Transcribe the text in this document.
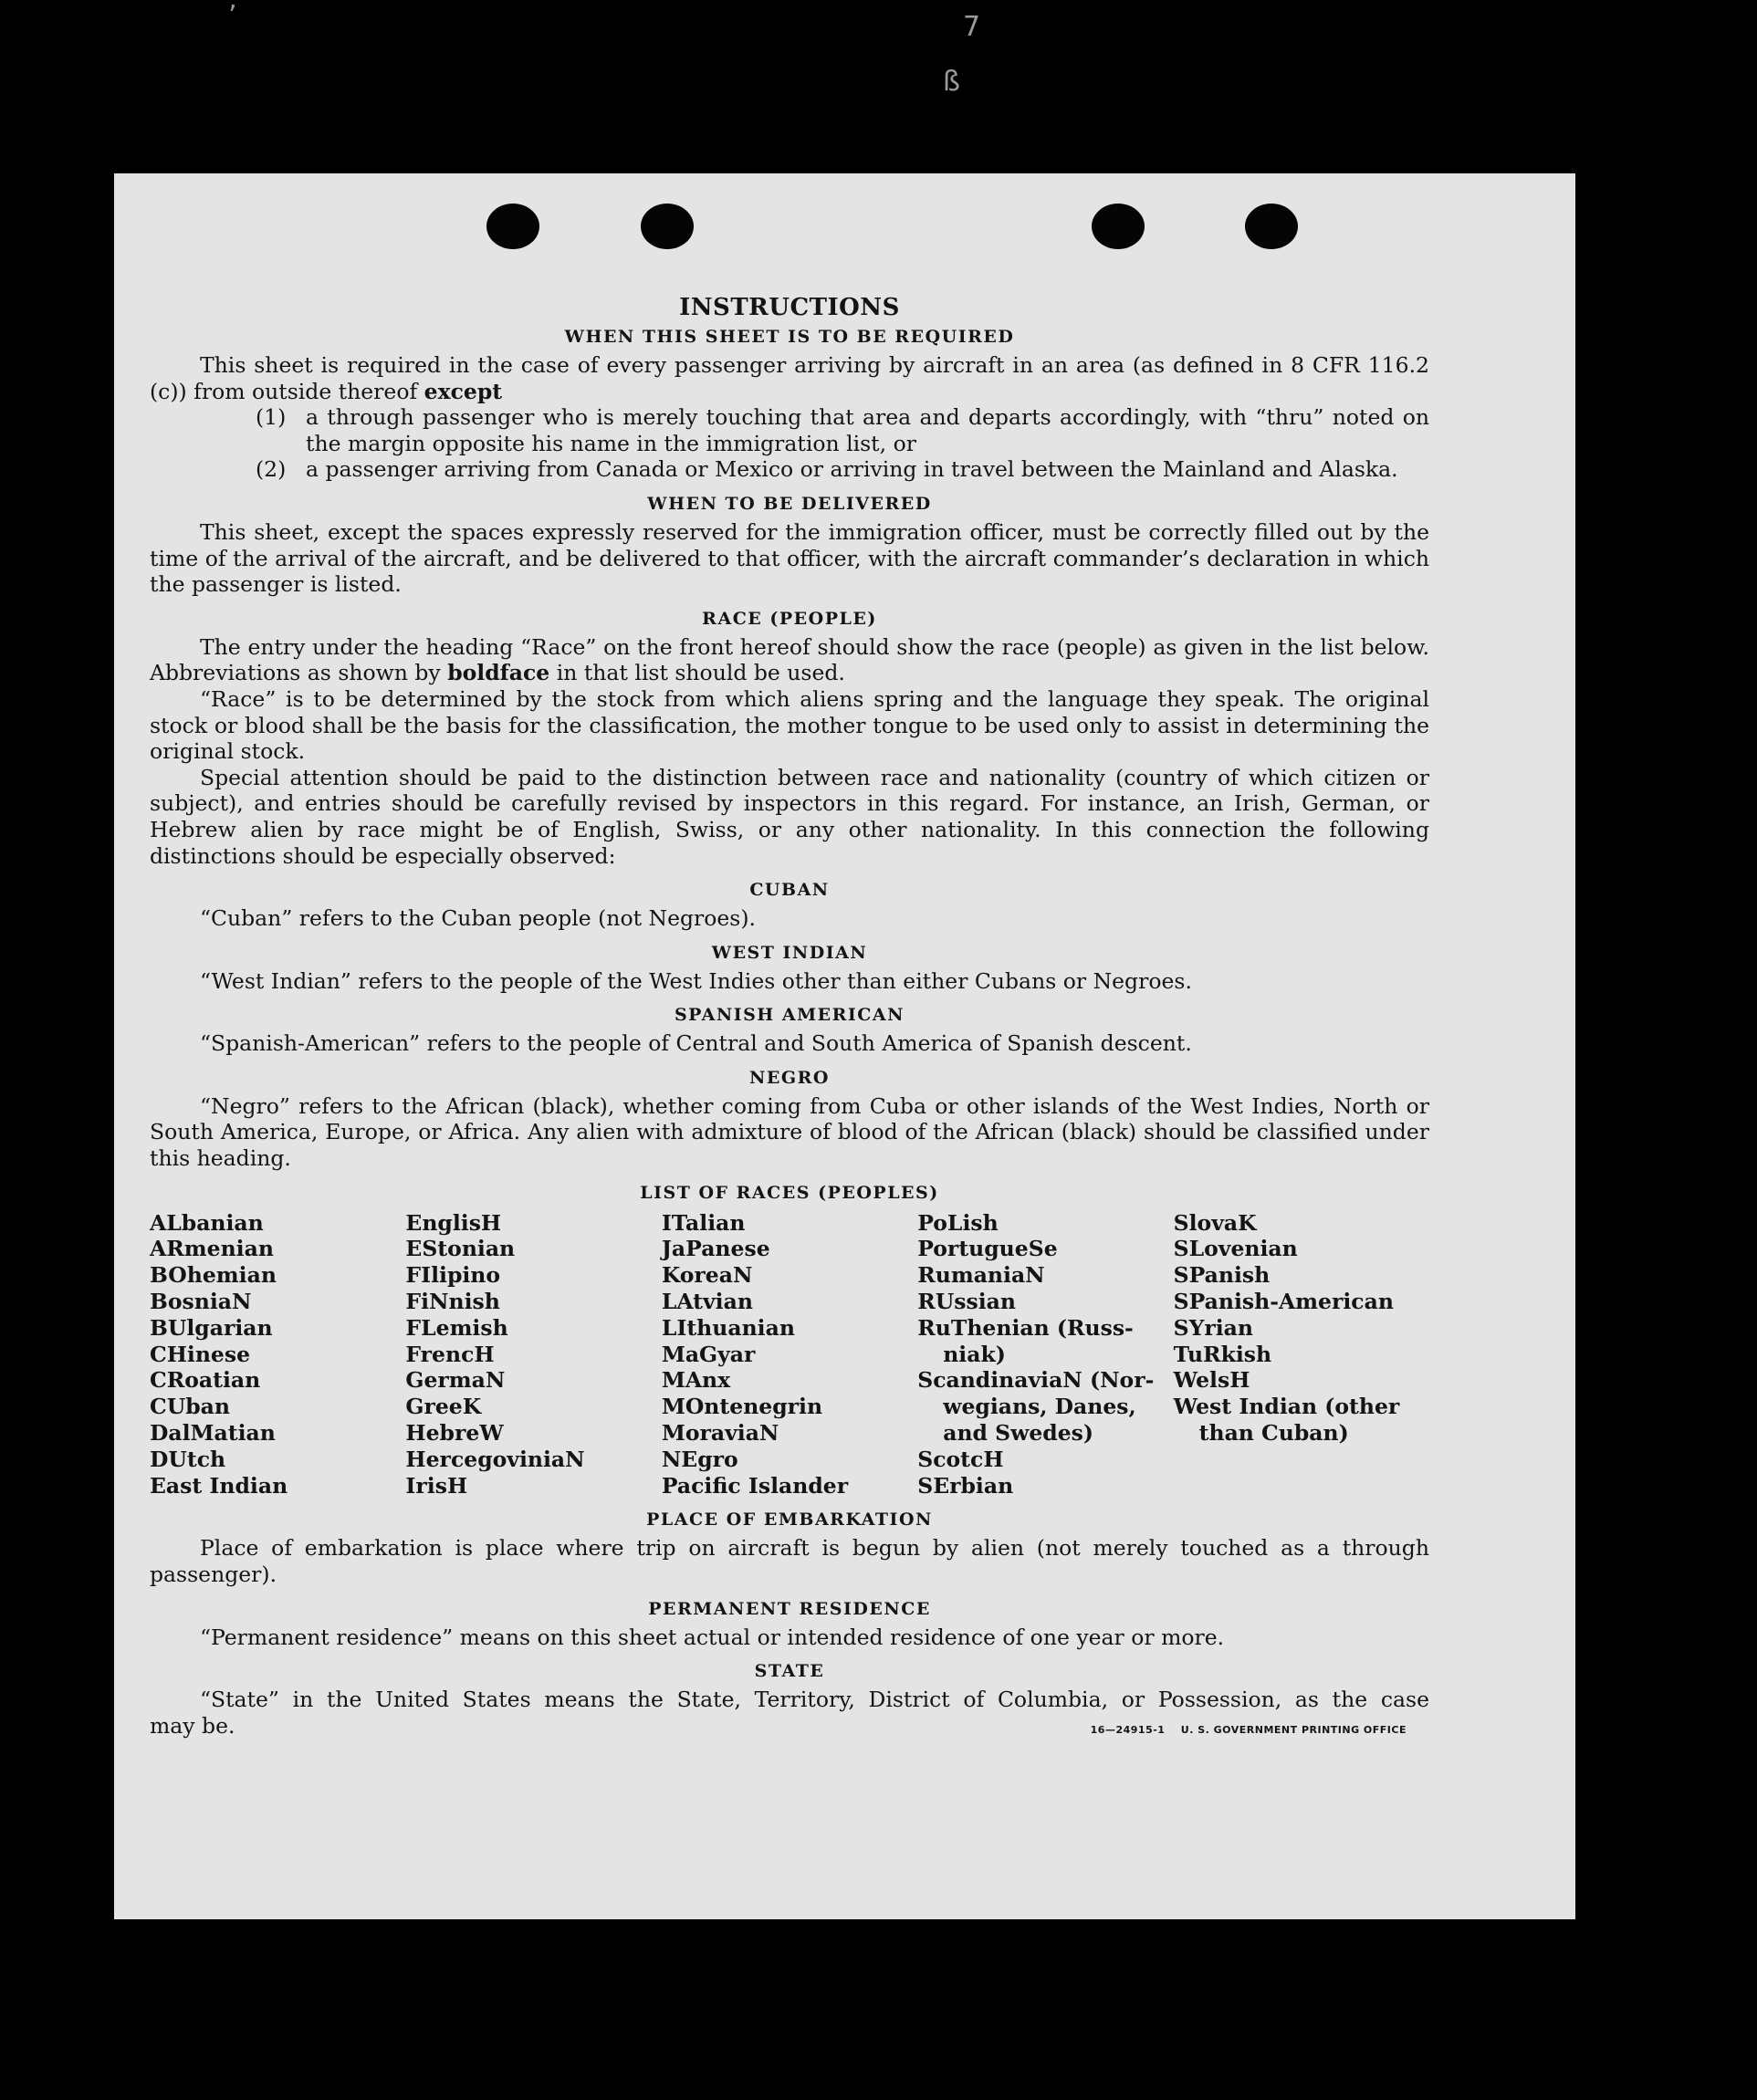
ʼ	7
ß
INSTRUCTIONS
WHEN THIS SHEET IS TO BE REQUIRED

This sheet is required in the case of every passenger arriving by aircraft in an area (as defined in 8 CFR 116.2 (c)) from outside thereof except

(1) a through passenger who is merely touching that area and departs accordingly, with “thru” noted on the margin opposite his name in the immigration list, or
(2) a passenger arriving from Canada or Mexico or arriving in travel between the Mainland and Alaska.
WHEN TO BE DELIVERED

This sheet, except the spaces expressly reserved for the immigration officer, must be correctly filled out by the time of the arrival of the aircraft, and be delivered to that officer, with the aircraft commander’s declaration in which the passenger is listed.

RACE (PEOPLE)

The entry under the heading “Race” on the front hereof should show the race (people) as given in the list below. Abbreviations as shown by boldface in that list should be used.

“Race” is to be determined by the stock from which aliens spring and the language they speak. The original stock or blood shall be the basis for the classification, the mother tongue to be used only to assist in determining the original stock.

Special attention should be paid to the distinction between race and nationality (country of which citizen or subject), and entries should be carefully revised by inspectors in this regard. For instance, an Irish, German, or Hebrew alien by race might be of English, Swiss, or any other nationality. In this connection the following distinctions should be especially observed:

CUBAN

“Cuban” refers to the Cuban people (not Negroes).

WEST INDIAN

“West Indian” refers to the people of the West Indies other than either Cubans or Negroes.

SPANISH AMERICAN

“Spanish-American” refers to the people of Central and South America of Spanish descent.

NEGRO

“Negro” refers to the African (black), whether coming from Cuba or other islands of the West Indies, North or South America, Europe, or Africa. Any alien with admixture of blood of the African (black) should be classified under this heading.

LIST OF RACES (PEOPLES)
ALbanian
ARmenian
BOhemian
BosniaN
BUlgarian
CHinese
CRoatian
CUban
DalMatian
DUtch
East Indian
EnglisH
EStonian
FIlipino
FiNnish
FLemish
FrencH
GermaN
GreeK
HebreW
HercegoviniaN
IrisH
ITalian
JaPanese
KoreaN
LAtvian
LIthuanian
MaGyar
MAnx
MOntenegrin
MoraviaN
NEgro
Pacific Islander
PoLish
PortugueSe
RumaniaN
RUssian
RuThenian (Russ-
niak)
ScandinaviaN (Nor-
wegians, Danes,
and Swedes)
ScotcH
SErbian
SlovaK
SLovenian
SPanish
SPanish-American
SYrian
TuRkish
WelsH
West Indian (other
than Cuban)
PLACE OF EMBARKATION

Place of embarkation is place where trip on aircraft is begun by alien (not merely touched as a through passenger).

PERMANENT RESIDENCE

“Permanent residence” means on this sheet actual or intended residence of one year or more.

STATE

“State” in the United States means the State, Territory, District of Columbia, or Possession, as the case

may be.	16—24915-1 U. S. GOVERNMENT PRINTING OFFICE
